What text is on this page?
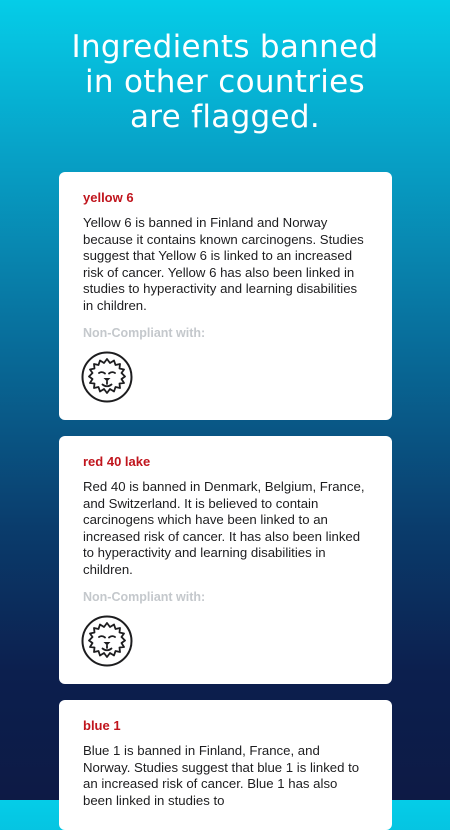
Ingredients banned
in other countries
are flagged.
yellow 6
Yellow 6 is banned in Finland and Norway because it contains known carcinogens. Studies suggest that Yellow 6 is linked to an increased risk of cancer. Yellow 6 has also been linked in studies to hyperactivity and learning disabilities in children.
Non-Compliant with:
red 40 lake
Red 40 is banned in Denmark, Belgium, France, and Switzerland. It is believed to contain carcinogens which have been linked to an increased risk of cancer. It has also been linked to hyperactivity and learning disabilities in children.
Non-Compliant with:
blue 1
Blue 1 is banned in Finland, France, and Norway. Studies suggest that blue 1 is linked to an increased risk of cancer. Blue 1 has also been linked in studies to
